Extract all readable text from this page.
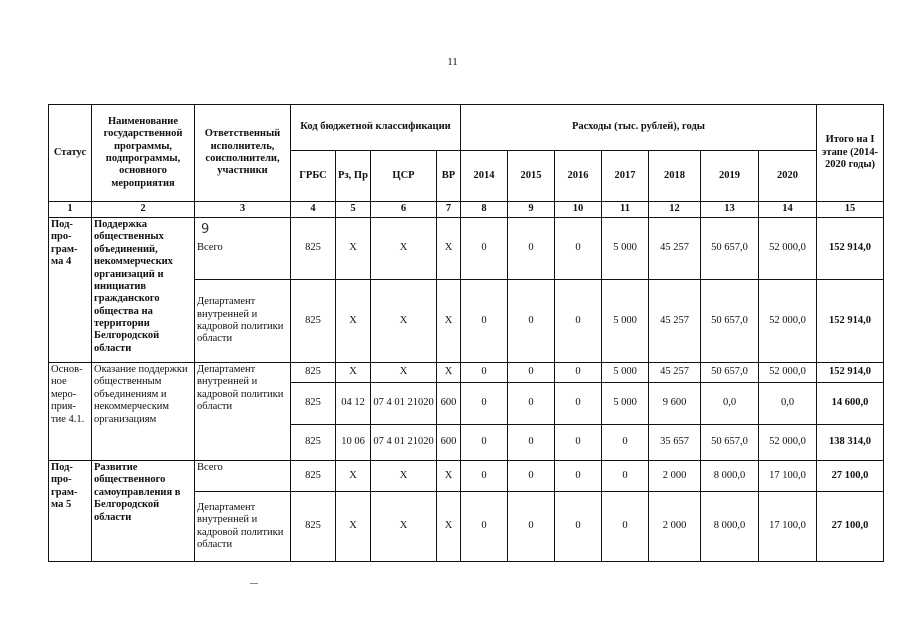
11
9
Статус	Наименование государственной программы, подпрограммы, основного мероприятия	Ответственный исполнитель, соисполнители, участники	Код бюджетной классификации				Расходы (тыс. рублей), годы							Итого на I этапе (2014-2020 годы)
			ГРБС	Рз, Пр	ЦСР	ВР	2014	2015	2016	2017	2018	2019	2020	
1	2	3	4	5	6	7	8	9	10	11	12	13	14	15
Под-
про-
грам-
ма 4	Поддержка общественных объединений, некоммерческих организаций и инициатив гражданского общества на территории Белгородской области	Всего	825	Х	Х	Х	0	0	0	5 000	45 257	50 657,0	52 000,0	152 914,0
		Департамент внутренней и кадровой политики области	825	Х	Х	Х	0	0	0	5 000	45 257	50 657,0	52 000,0	152 914,0
Основ-
ное
меро-
прия-
тие 4.1.	Оказание поддержки общественным объединениям и некоммерческим организациям	Департамент внутренней и кадровой политики области	825	Х	Х	Х	0	0	0	5 000	45 257	50 657,0	52 000,0	152 914,0
			825	04 12	07 4 01 21020	600	0	0	0	5 000	9 600	0,0	0,0	14 600,0
			825	10 06	07 4 01 21020	600	0	0	0	0	35 657	50 657,0	52 000,0	138 314,0
Под-
про-
грам-
ма 5	Развитие общественного самоуправления в Белгородской области	Всего	825	Х	Х	Х	0	0	0	0	2 000	8 000,0	17 100,0	27 100,0
		Департамент внутренней и кадровой политики области	825	Х	Х	Х	0	0	0	0	2 000	8 000,0	17 100,0	27 100,0
